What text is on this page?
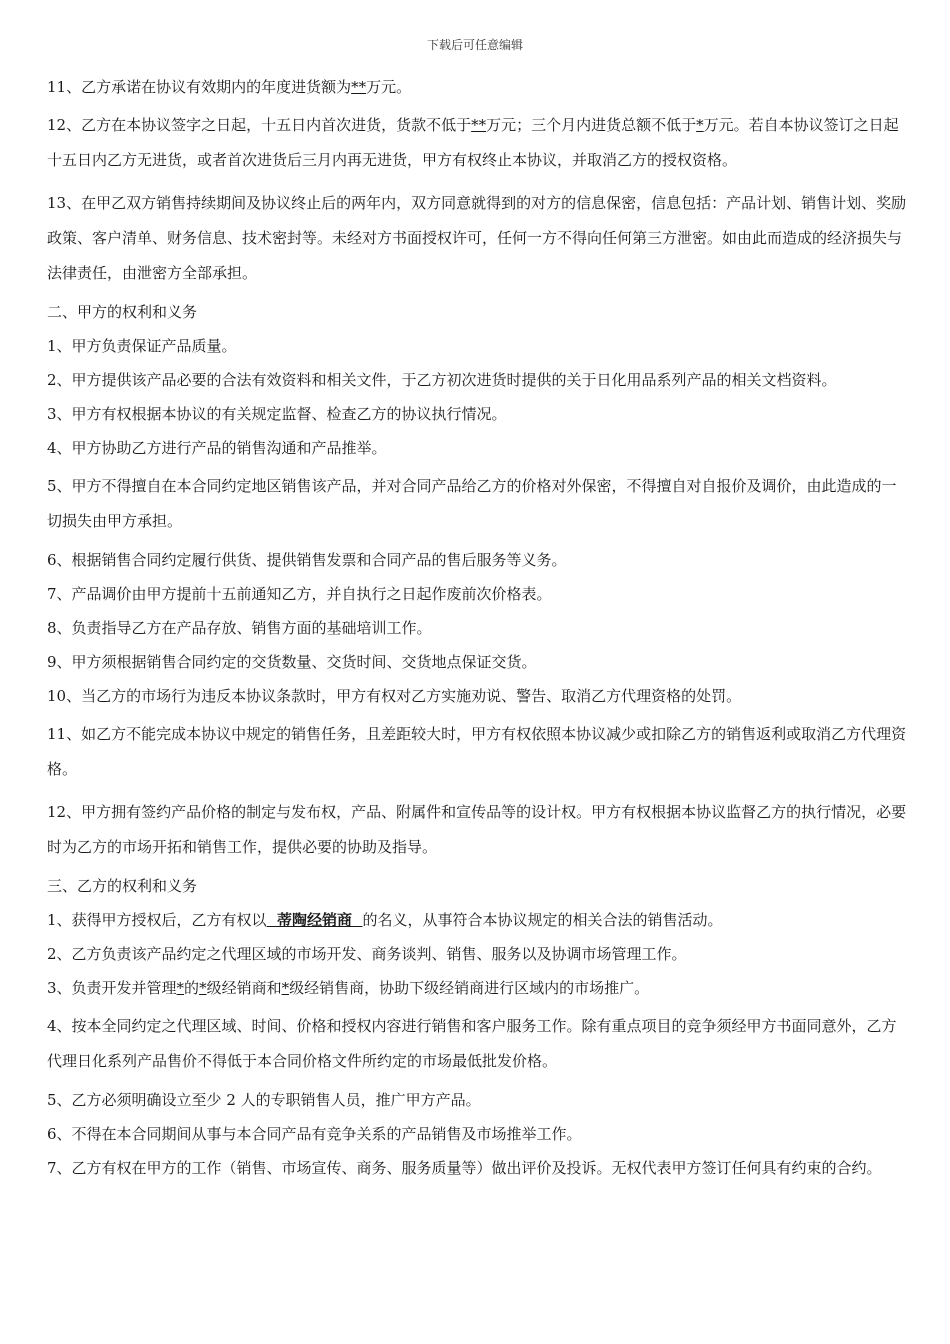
下载后可任意编辑
11、乙方承诺在协议有效期内的年度进货额为**万元。
12、乙方在本协议签字之日起，十五日内首次进货，货款不低于**万元；三个月内进货总额不低于*万元。若自本协议签订之日起十五日内乙方无进货，或者首次进货后三月内再无进货，甲方有权终止本协议，并取消乙方的授权资格。
13、在甲乙双方销售持续期间及协议终止后的两年内，双方同意就得到的对方的信息保密，信息包括：产品计划、销售计划、奖励政策、客户清单、财务信息、技术密封等。未经对方书面授权许可，任何一方不得向任何第三方泄密。如由此而造成的经济损失与法律责任，由泄密方全部承担。
二、甲方的权利和义务
1、甲方负责保证产品质量。
2、甲方提供该产品必要的合法有效资料和相关文件，于乙方初次进货时提供的关于日化用品系列产品的相关文档资料。
3、甲方有权根据本协议的有关规定监督、检查乙方的协议执行情况。
4、甲方协助乙方进行产品的销售沟通和产品推举。
5、甲方不得擅自在本合同约定地区销售该产品，并对合同产品给乙方的价格对外保密，不得擅自对自报价及调价，由此造成的一切损失由甲方承担。
6、根据销售合同约定履行供货、提供销售发票和合同产品的售后服务等义务。
7、产品调价由甲方提前十五前通知乙方，并自执行之日起作废前次价格表。
8、负责指导乙方在产品存放、销售方面的基础培训工作。
9、甲方须根据销售合同约定的交货数量、交货时间、交货地点保证交货。
10、当乙方的市场行为违反本协议条款时，甲方有权对乙方实施劝说、警告、取消乙方代理资格的处罚。
11、如乙方不能完成本协议中规定的销售任务，且差距较大时，甲方有权依照本协议减少或扣除乙方的销售返利或取消乙方代理资格。
12、甲方拥有签约产品价格的制定与发布权，产品、附属件和宣传品等的设计权。甲方有权根据本协议监督乙方的执行情况，必要时为乙方的市场开拓和销售工作，提供必要的协助及指导。
三、乙方的权利和义务
1、获得甲方授权后，乙方有权以  蒂陶经销商  的名义，从事符合本协议规定的相关合法的销售活动。
2、乙方负责该产品约定之代理区域的市场开发、商务谈判、销售、服务以及协调市场管理工作。
3、负责开发并管理*的*级经销商和*级经销售商，协助下级经销商进行区域内的市场推广。
4、按本全同约定之代理区域、时间、价格和授权内容进行销售和客户服务工作。除有重点项目的竞争须经甲方书面同意外，乙方代理日化系列产品售价不得低于本合同价格文件所约定的市场最低批发价格。
5、乙方必须明确设立至少 2 人的专职销售人员，推广甲方产品。
6、不得在本合同期间从事与本合同产品有竞争关系的产品销售及市场推举工作。
7、乙方有权在甲方的工作（销售、市场宣传、商务、服务质量等）做出评价及投诉。无权代表甲方签订任何具有约束的合约。
